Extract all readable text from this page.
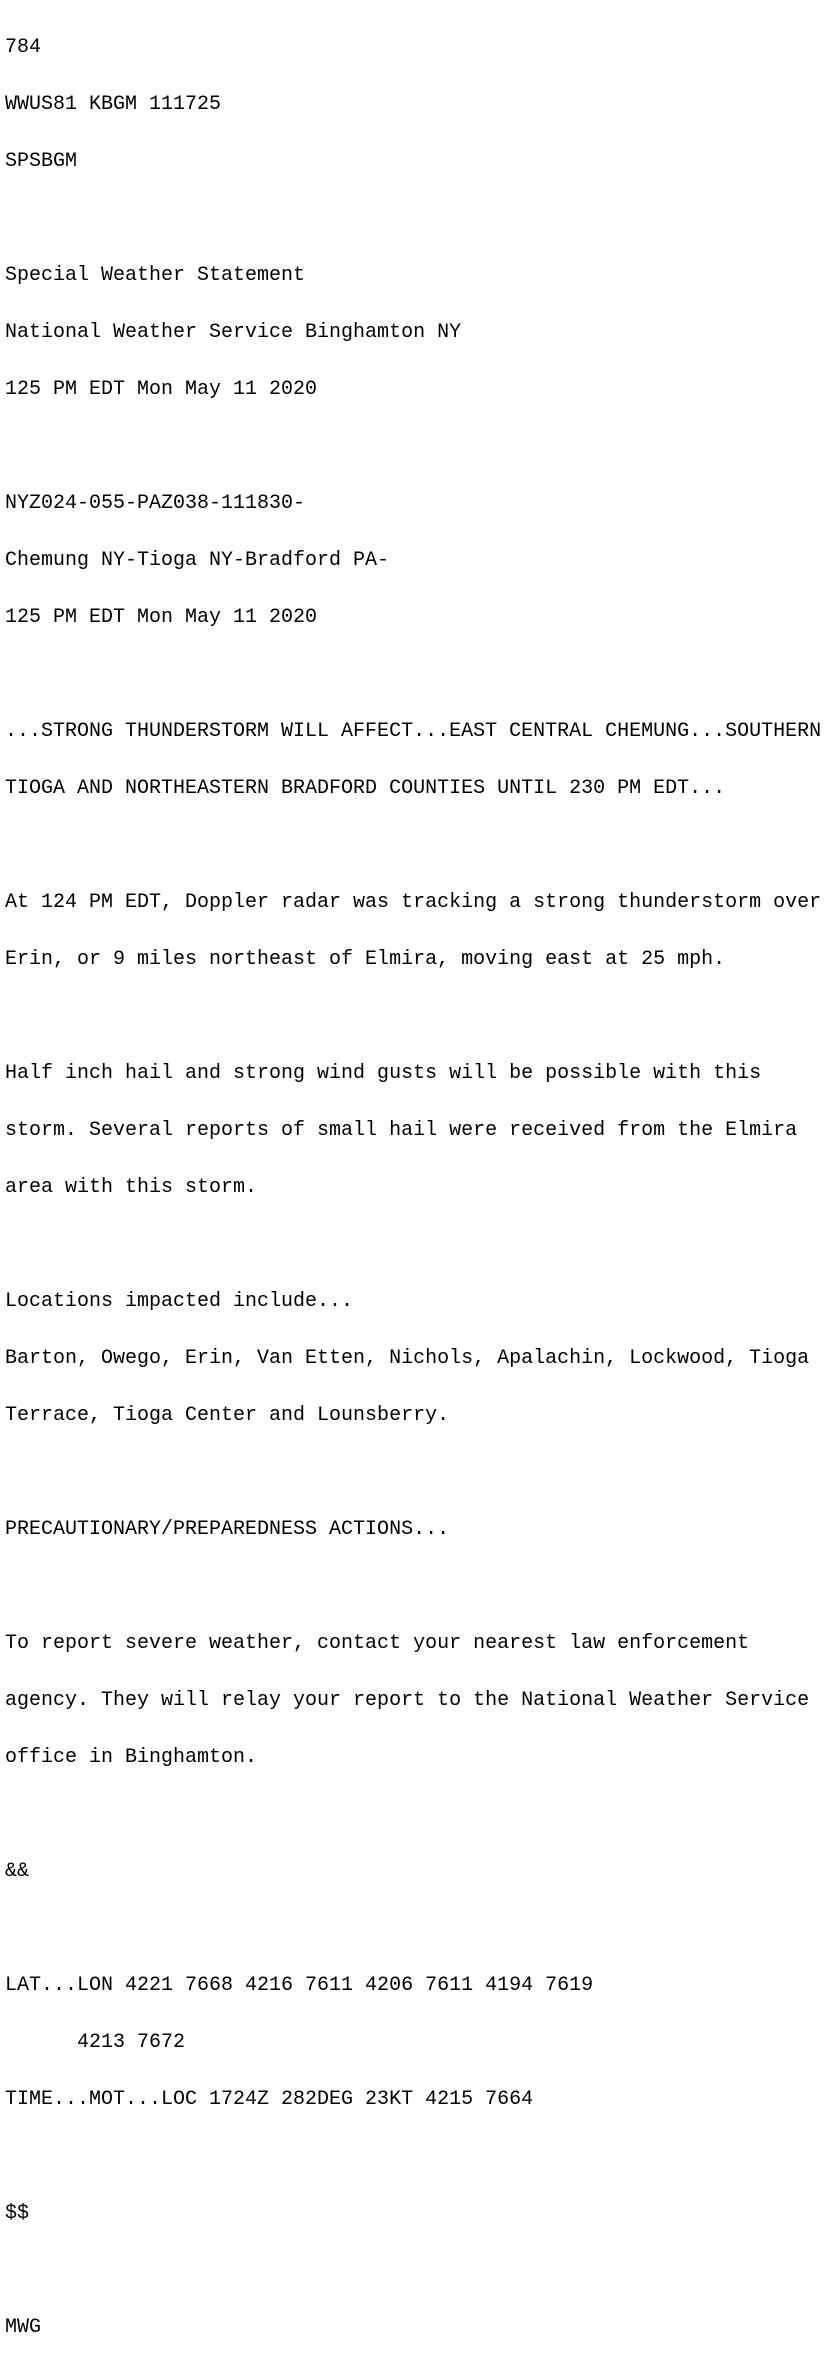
784

WWUS81 KBGM 111725

SPSBGM

Special Weather Statement

National Weather Service Binghamton NY

125 PM EDT Mon May 11 2020

NYZ024-055-PAZ038-111830-

Chemung NY-Tioga NY-Bradford PA-

125 PM EDT Mon May 11 2020

...STRONG THUNDERSTORM WILL AFFECT...EAST CENTRAL CHEMUNG...SOUTHERN

TIOGA AND NORTHEASTERN BRADFORD COUNTIES UNTIL 230 PM EDT...

At 124 PM EDT, Doppler radar was tracking a strong thunderstorm over

Erin, or 9 miles northeast of Elmira, moving east at 25 mph.

Half inch hail and strong wind gusts will be possible with this

storm. Several reports of small hail were received from the Elmira

area with this storm.

Locations impacted include...

Barton, Owego, Erin, Van Etten, Nichols, Apalachin, Lockwood, Tioga

Terrace, Tioga Center and Lounsberry.

PRECAUTIONARY/PREPAREDNESS ACTIONS...

To report severe weather, contact your nearest law enforcement

agency. They will relay your report to the National Weather Service

office in Binghamton.

&&

LAT...LON 4221 7668 4216 7611 4206 7611 4194 7619

4213 7672

TIME...MOT...LOC 1724Z 282DEG 23KT 4215 7664

$$

MWG
